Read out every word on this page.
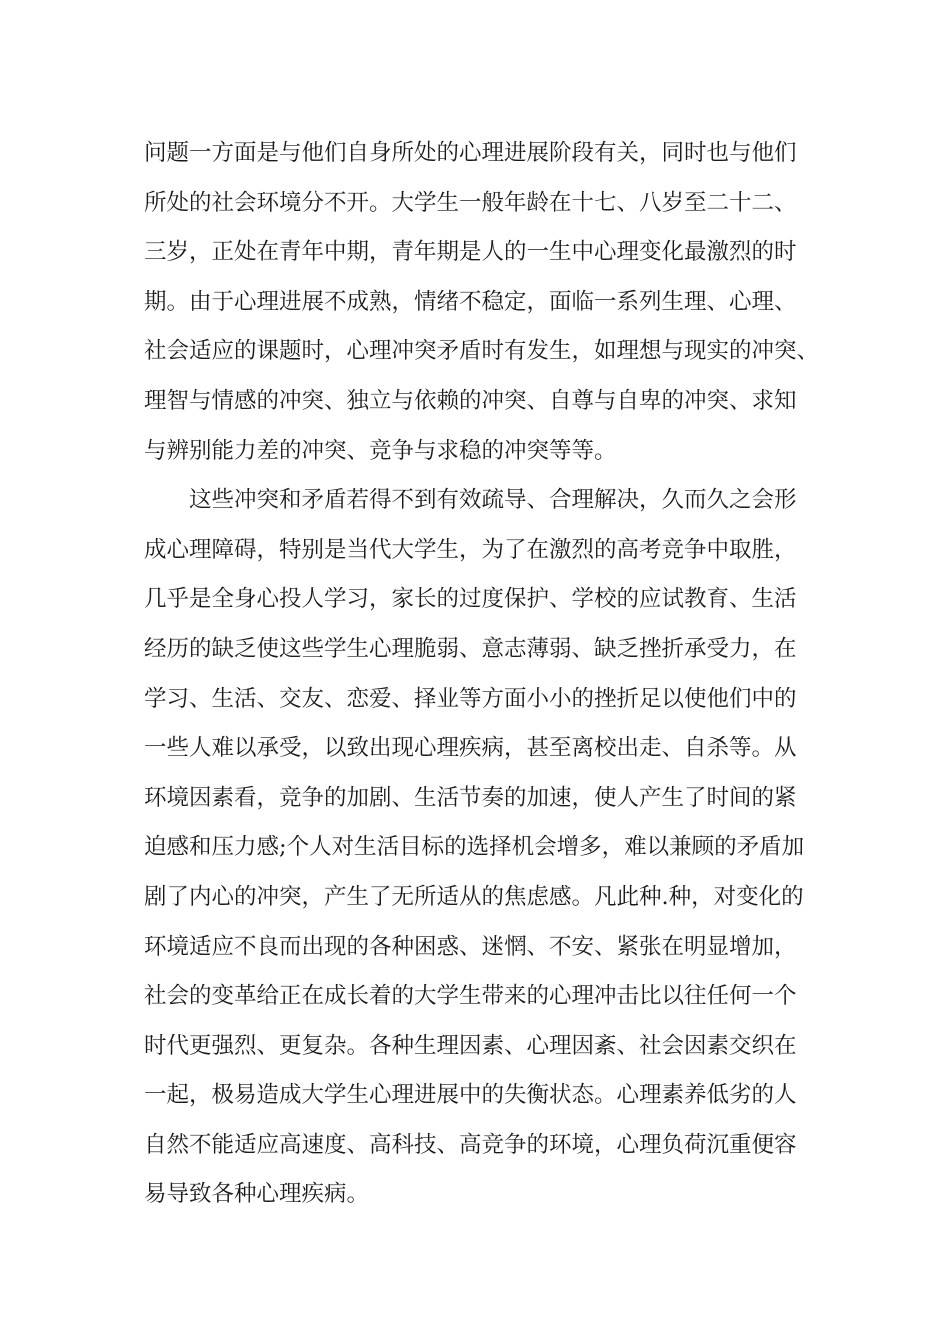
问题一方面是与他们自身所处的心理进展阶段有关，同时也与他们
所处的社会环境分不开。大学生一般年龄在十七、八岁至二十二、
三岁，正处在青年中期，青年期是人的一生中心理变化最激烈的时
期。由于心理进展不成熟，情绪不稳定，面临一系列生理、心理、
社会适应的课题时，心理冲突矛盾时有发生，如理想与现实的冲突、
理智与情感的冲突、独立与依赖的冲突、自尊与自卑的冲突、求知
与辨别能力差的冲突、竞争与求稳的冲突等等。
这些冲突和矛盾若得不到有效疏导、合理解决，久而久之会形
成心理障碍，特别是当代大学生，为了在激烈的高考竞争中取胜，
几乎是全身心投人学习，家长的过度保护、学校的应试教育、生活
经历的缺乏使这些学生心理脆弱、意志薄弱、缺乏挫折承受力，在
学习、生活、交友、恋爱、择业等方面小小的挫折足以使他们中的
一些人难以承受，以致出现心理疾病，甚至离校出走、自杀等。从
环境因素看，竞争的加剧、生活节奏的加速，使人产生了时间的紧
迫感和压力感;个人对生活目标的选择机会增多，难以兼顾的矛盾加
剧了内心的冲突，产生了无所适从的焦虑感。凡此种.种，对变化的
环境适应不良而出现的各种困惑、迷惘、不安、紧张在明显增加，
社会的变革给正在成长着的大学生带来的心理冲击比以往任何一个
时代更强烈、更复杂。各种生理因素、心理因紊、社会因素交织在
一起，极易造成大学生心理进展中的失衡状态。心理素养低劣的人
自然不能适应高速度、高科技、高竞争的环境，心理负荷沉重便容
易导致各种心理疾病。
